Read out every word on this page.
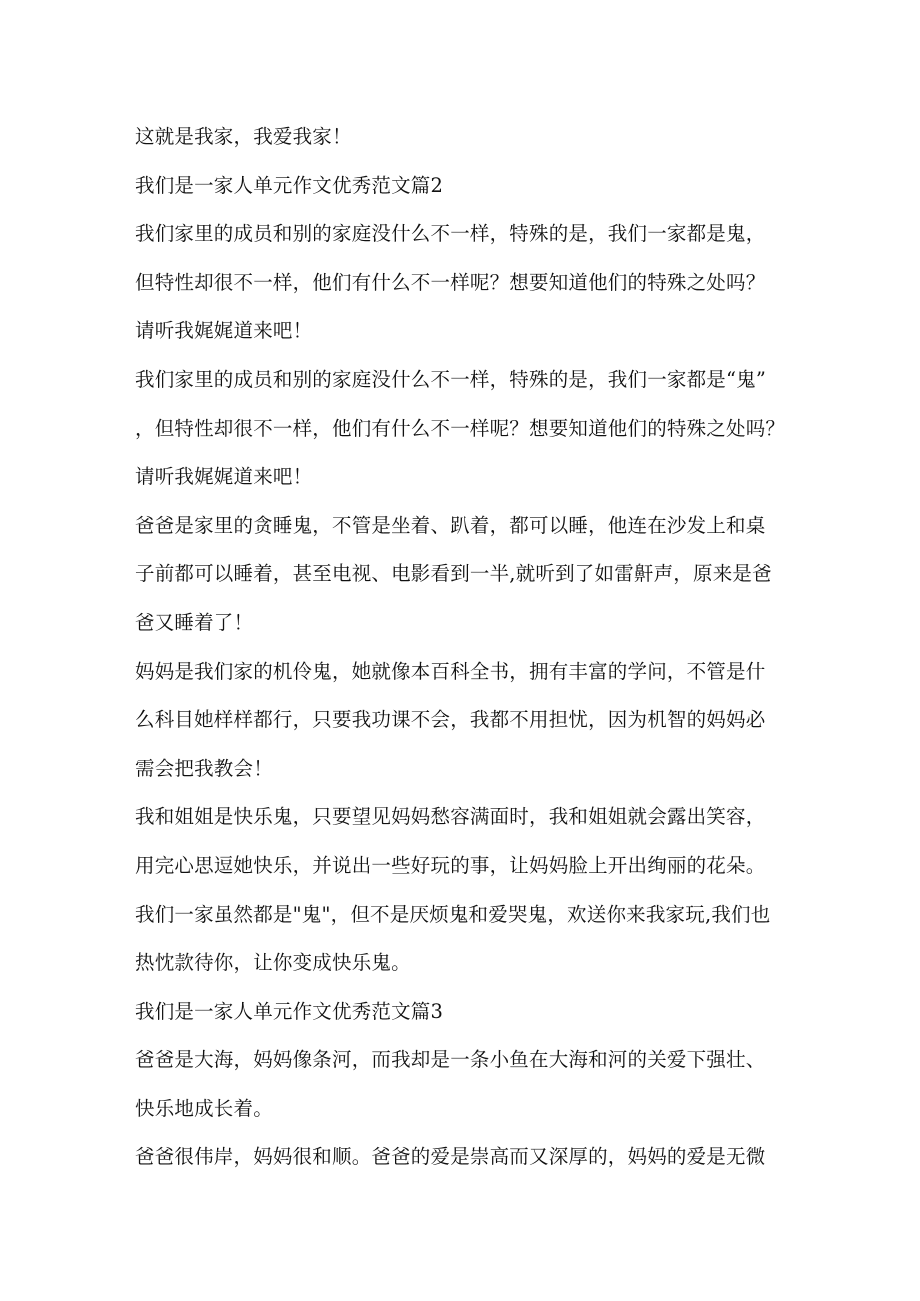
这就是我家，我爱我家！
我们是一家人单元作文优秀范文篇2
我们家里的成员和别的家庭没什么不一样，特殊的是，我们一家都是鬼，
但特性却很不一样，他们有什么不一样呢？想要知道他们的特殊之处吗？
请听我娓娓道来吧！
我们家里的成员和别的家庭没什么不一样，特殊的是，我们一家都是“鬼”
，但特性却很不一样，他们有什么不一样呢？想要知道他们的特殊之处吗？
请听我娓娓道来吧！
爸爸是家里的贪睡鬼，不管是坐着、趴着，都可以睡，他连在沙发上和桌
子前都可以睡着，甚至电视、电影看到一半,就听到了如雷鼾声，原来是爸
爸又睡着了！
妈妈是我们家的机伶鬼，她就像本百科全书，拥有丰富的学问，不管是什
么科目她样样都行，只要我功课不会，我都不用担忧，因为机智的妈妈必
需会把我教会！
我和姐姐是快乐鬼，只要望见妈妈愁容满面时，我和姐姐就会露出笑容，
用完心思逗她快乐，并说出一些好玩的事，让妈妈脸上开出绚丽的花朵。
我们一家虽然都是"鬼"，但不是厌烦鬼和爱哭鬼，欢送你来我家玩,我们也
热忱款待你，让你变成快乐鬼。
我们是一家人单元作文优秀范文篇3
爸爸是大海，妈妈像条河，而我却是一条小鱼在大海和河的关爱下强壮、
快乐地成长着。
爸爸很伟岸，妈妈很和顺。爸爸的爱是崇高而又深厚的，妈妈的爱是无微
